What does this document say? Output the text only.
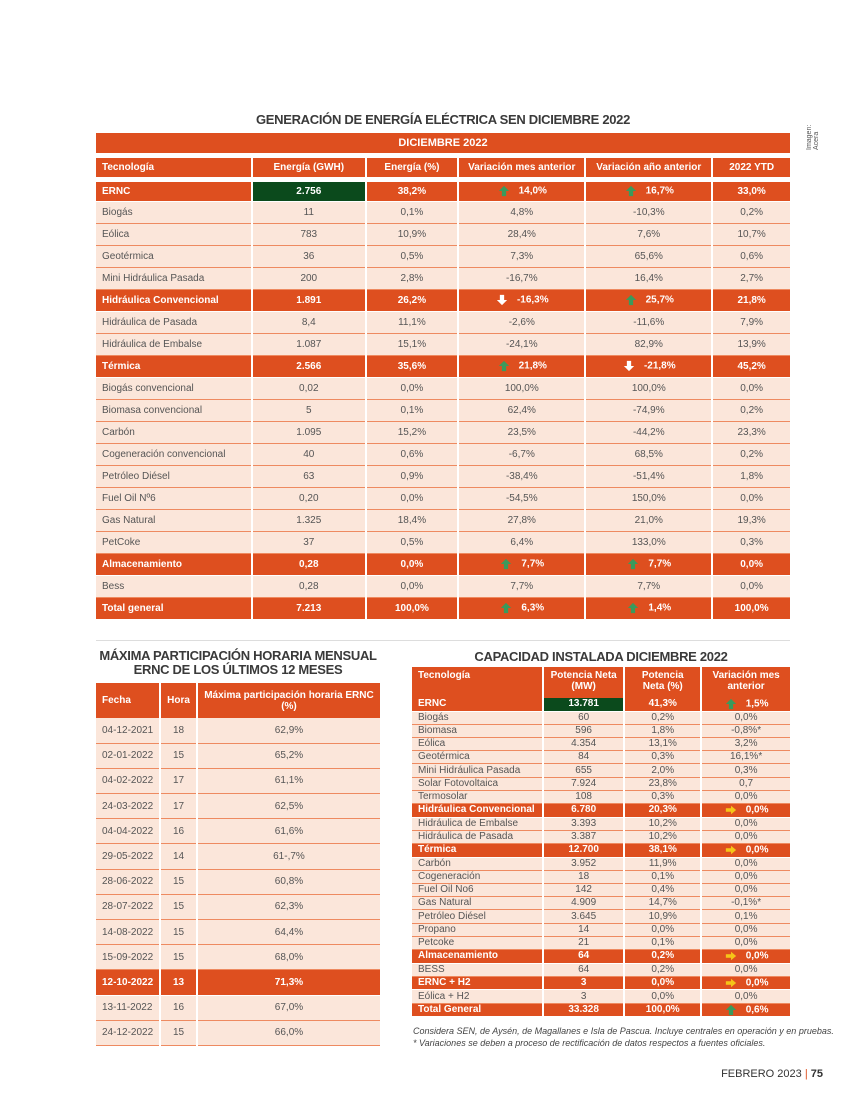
Imagen: Acera
GENERACIÓN DE ENERGÍA ELÉCTRICA SEN DICIEMBRE 2022
DICIEMBRE 2022					
Tecnología	Energía (GWH)	Energía (%)	Variación mes anterior	Variación año anterior	2022 YTD
ERNC	2.756	38,2%	14,0%	16,7%	33,0%
Biogás	11	0,1%	4,8%	-10,3%	0,2%
Eólica	783	10,9%	28,4%	7,6%	10,7%
Geotérmica	36	0,5%	7,3%	65,6%	0,6%
Mini Hidráulica Pasada	200	2,8%	-16,7%	16,4%	2,7%
Hidráulica Convencional	1.891	26,2%	-16,3%	25,7%	21,8%
Hidráulica de Pasada	8,4	11,1%	-2,6%	-11,6%	7,9%
Hidráulica de Embalse	1.087	15,1%	-24,1%	82,9%	13,9%
Térmica	2.566	35,6%	21,8%	-21,8%	45,2%
Biogás convencional	0,02	0,0%	100,0%	100,0%	0,0%
Biomasa convencional	5	0,1%	62,4%	-74,9%	0,2%
Carbón	1.095	15,2%	23,5%	-44,2%	23,3%
Cogeneración convencional	40	0,6%	-6,7%	68,5%	0,2%
Petróleo Diésel	63	0,9%	-38,4%	-51,4%	1,8%
Fuel Oil Nº6	0,20	0,0%	-54,5%	150,0%	0,0%
Gas Natural	1.325	18,4%	27,8%	21,0%	19,3%
PetCoke	37	0,5%	6,4%	133,0%	0,3%
Almacenamiento	0,28	0,0%	7,7%	7,7%	0,0%
Bess	0,28	0,0%	7,7%	7,7%	0,0%
Total general	7.213	100,0%	6,3%	1,4%	100,0%
MÁXIMA PARTICIPACIÓN HORARIA MENSUAL ERNC DE LOS ÚLTIMOS 12 MESES
Fecha	Hora	Máxima participación horaria ERNC (%)
04-12-2021	18	62,9%
02-01-2022	15	65,2%
04-02-2022	17	61,1%
24-03-2022	17	62,5%
04-04-2022	16	61,6%
29-05-2022	14	61-,7%
28-06-2022	15	60,8%
28-07-2022	15	62,3%
14-08-2022	15	64,4%
15-09-2022	15	68,0%
12-10-2022	13	71,3%
13-11-2022	16	67,0%
24-12-2022	15	66,0%
CAPACIDAD INSTALADA DICIEMBRE 2022
Tecnología	Potencia Neta (MW)	Potencia Neta (%)	Variación mes anterior
ERNC	13.781	41,3%	1,5%
Biogás	60	0,2%	0,0%
Biomasa	596	1,8%	-0,8%*
Eólica	4.354	13,1%	3,2%
Geotérmica	84	0,3%	16,1%*
Mini Hidráulica Pasada	655	2,0%	0,3%
Solar Fotovoltaica	7.924	23,8%	0,7
Termosolar	108	0,3%	0,0%
Hidráulica Convencional	6.780	20,3%	0,0%
Hidráulica de Embalse	3.393	10,2%	0,0%
Hidráulica de Pasada	3.387	10,2%	0,0%
Térmica	12.700	38,1%	0,0%
Carbón	3.952	11,9%	0,0%
Cogeneración	18	0,1%	0,0%
Fuel Oil No6	142	0,4%	0,0%
Gas Natural	4.909	14,7%	-0,1%*
Petróleo Diésel	3.645	10,9%	0,1%
Propano	14	0,0%	0,0%
Petcoke	21	0,1%	0,0%
Almacenamiento	64	0,2%	0,0%
BESS	64	0,2%	0,0%
ERNC + H2	3	0,0%	0,0%
Eólica + H2	3	0,0%	0,0%
Total General	33.328	100,0%	0,6%
Considera SEN, de Aysén, de Magallanes e Isla de Pascua. Incluye centrales en operación y en pruebas.
* Variaciones se deben a proceso de rectificación de datos respectos a fuentes oficiales.
FEBRERO 2023 | 75
